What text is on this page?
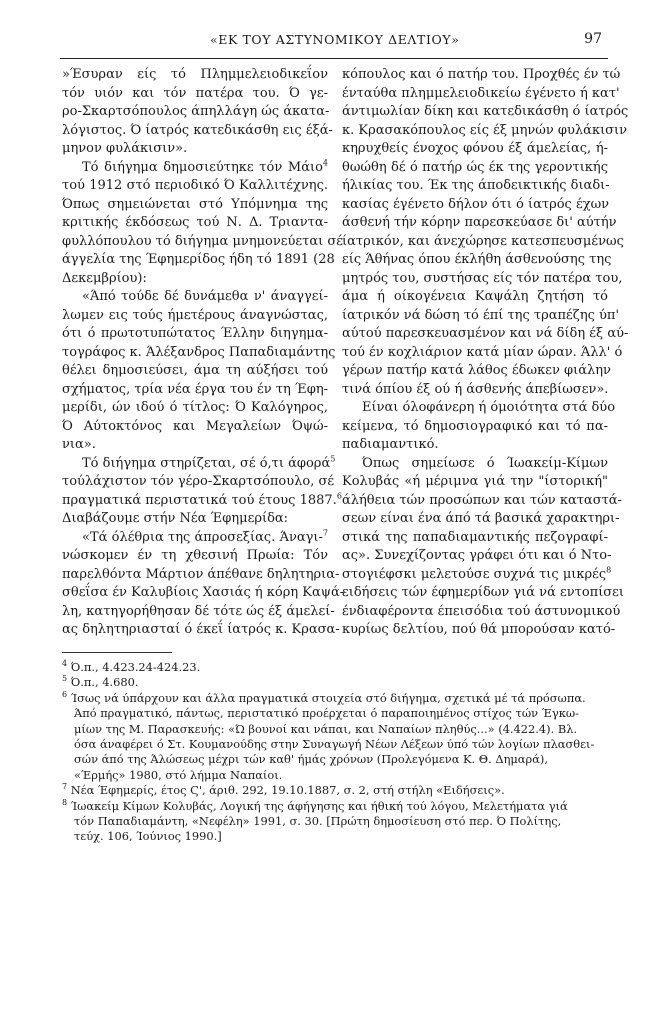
«ΕΚ ΤΟΥ ΑΣΤΥΝΟΜΙΚΟΥ ΔΕΛΤΙΟΥ»	97
»Έσυραν είς τό Πλημμελειοδικεΐον
τόν υιόν και τόν πατέρα του. Ό γε-
ρο-Σκαρτσόπουλος άπηλλάγη ώς άκατα-
λόγιστος. Ό ίατρός κατεδικάσθη εις έξά-
μηνον φυλάκισιν».
Τό διήγημα δημοσιεύτηκε τόν Μάιο$^4$
τού 1912 στό περιοδικό Ό Καλλιτέχνης.
Όπως σημειώνεται στό Υπόμνημα της
κριτικής έκδόσεως τού Ν. Δ. Τριαντα-
φυλλόπουλου τό διήγημα μνημονεύεται σέ
άγγελία της Έφημερίδος ήδη τό 1891 (28
Δεκεμβρίου):
«Άπό τούδε δέ δυνάμεθα ν' άναγγεί-
λωμεν εις τούς ήμετέρους άναγνώστας,
ότι ό πρωτοτυπώτατος Έλλην διηγημα-
τογράφος κ. Άλέξανδρος Παπαδιαμάντης
θέλει δημοσιεύσει, άμα τη αύξήσει τού
σχήματος, τρία νέα έργα του έν τη Έφη-
μερίδι, ών ιδού ό τίτλος: Ό Καλόγηρος,
Ό Αύτοκτόνος και Μεγαλείων Όψώ-
νια».
Τό διήγημα στηρίζεται, σέ ό,τι άφορά$^5$
τούλάχιστον τόν γέρο-Σκαρτσόπουλο, σέ
πραγματικά περιστατικά τού έτους 1887.$^6$
Διαβάζουμε στήν Νέα Έφημερίδα:
«Τά όλέθρια της άπροσεξίας. Άναγι-$^7$
νώσκομεν έν τη χθεσινή Πρωία: Τόν
παρελθόντα Μάρτιον άπέθανε δηλητηρια-
σθεΐσα έν Καλυβίοις Χασιάς ή κόρη Καψά-
λη, κατηγορήθησαν δέ τότε ώς έξ άμελεί-
ας δηλητηριασταί ό έκεΐ ίατρός κ. Κρασα-
κόπουλος και ό πατήρ του. Προχθές έν τώ
ένταύθα πλημμελειοδικείω έγένετο ή κατ'
άντιμωλίαν δίκη και κατεδικάσθη ό ίατρός
κ. Κρασακόπουλος είς έξ μηνών φυλάκισιν
κηρυχθείς ένοχος φόνου έξ άμελείας, ή-
θωώθη δέ ό πατήρ ώς έκ της γεροντικής
ήλικίας του. Έκ της άποδεικτικής διαδι-
κασίας έγένετο δήλον ότι ό ίατρός έχων
άσθενή τήν κόρην παρεσκεύασε δι' αύτήν
ίατρικόν, και άνεχώρησε κατεσπευσμένως
είς Άθήνας όπου έκλήθη άσθενούσης της
μητρός του, συστήσας είς τόν πατέρα του,
άμα ή οίκογένεια Καψάλη ζητήση τό
ίατρικόν νά δώση τό έπί της τραπέζης ύπ'
αύτού παρεσκευασμένον και νά δίδη έξ αύ-
τού έν κοχλιάριον κατά μίαν ώραν. Άλλ' ό
γέρων πατήρ κατά λάθος έδωκεν φιάλην
τινά όπίου έξ ού ή άσθενής άπεβίωσεν».
Είναι όλοφάνερη ή όμοιότητα στά δύο
κείμενα, τό δημοσιογραφικό και τό πα-
παδιαμαντικό.
Όπως σημείωσε ό Ίωακείμ-Κίμων
Κολυβάς «ή μέριμνα γιά την "ίστορική"
άλήθεια τών προσώπων και τών καταστά-
σεων είναι ένα άπό τά βασικά χαρακτηρι-
στικά της παπαδιαμαντικής πεζογραφί-
ας». Συνεχίζοντας γράφει ότι και ό Ντο-
στογιέφσκι μελετούσε συχνά τις μικρές$^8$
ειδήσεις τών έφημερίδων γιά νά εντοπίσει
ένδιαφέροντα έπεισόδια τού άστυνομικού
κυρίως δελτίου, πού θά μπορούσαν κατό-
$^4$ Ό.π., 4.423.24-424.23.
$^5$ Ό.π., 4.680.
$^6$ Ίσως νά ύπάρχουν και άλλα πραγματικά στοιχεία στό διήγημα, σχετικά μέ τά πρόσωπα.
Άπό πραγματικό, πάντως, περιστατικό προέρχεται ό παραποιημένος στίχος τών Έγκω-
μίων της Μ. Παρασκευής: «Ώ βουνοί και νάπαι, και Ναπαίων πληθύς...» (4.422.4). Βλ.
όσα άναφέρει ό Στ. Κουμανούδης στην Συναγωγή Νέων Λέξεων ύπό τών λογίων πλασθει-
σών άπό της Άλώσεως μέχρι τών καθ' ήμάς χρόνων (Προλεγόμενα Κ. Θ. Δημαρά),
«Έρμής» 1980, στό λήμμα Ναπαίοι.
$^7$ Νέα Έφημερίς, έτος Ϛ', άριθ. 292, 19.10.1887, σ. 2, στή στήλη «Ειδήσεις».
$^8$ Ίωακείμ Κίμων Κολυβάς, Λογική της άφήγησης και ήθική τού λόγου, Μελετήματα γιά
τόν Παπαδιαμάντη, «Νεφέλη» 1991, σ. 30. [Πρώτη δημοσίευση στό περ. Ό Πολίτης,
τεύχ. 106, Ίούνιος 1990.]
